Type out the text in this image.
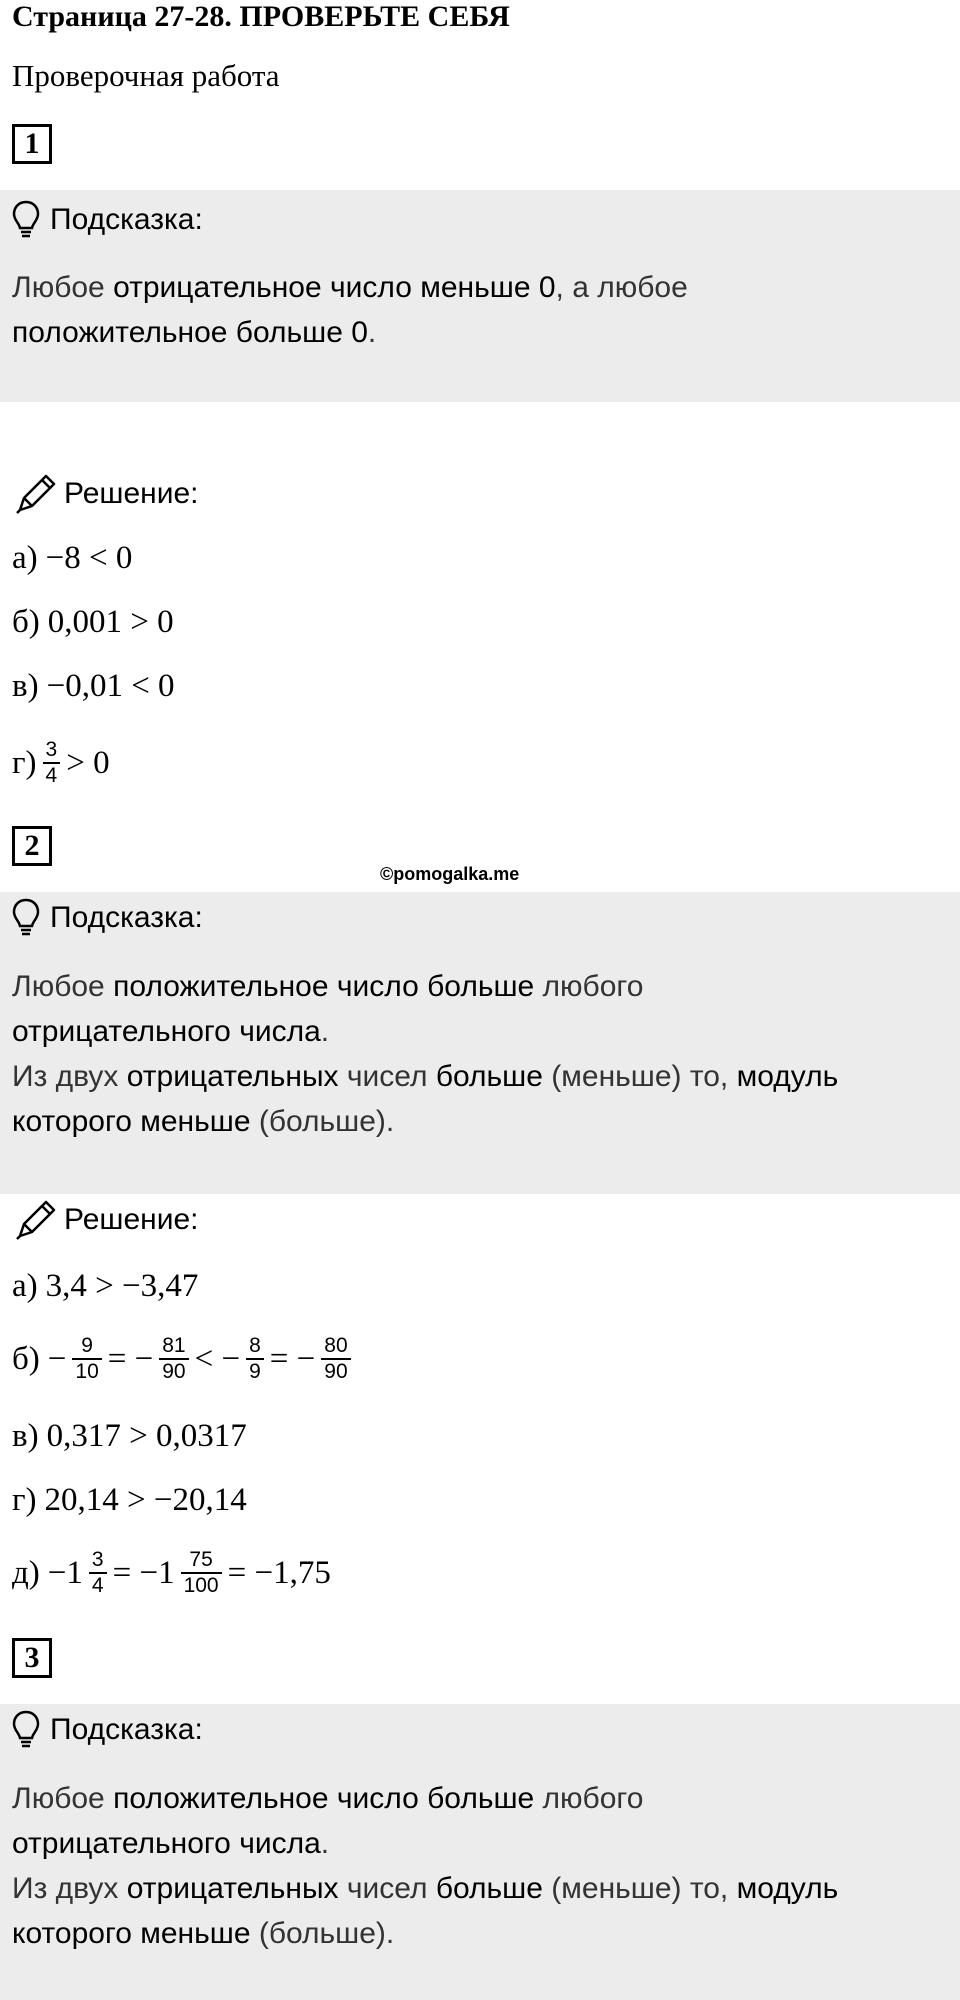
Страница 27-28. ПРОВЕРЬТЕ СЕБЯ
Проверочная работа
1
Подсказка:
Любое отрицательное число меньше 0, а любое
положительное больше 0.
Решение:
а) −8 < 0
б) 0,001 > 0
в) −0,01 < 0
$г) \frac{3}{4} > 0$
2
©pomogalka.me
Подсказка:
Любое положительное число больше любого
отрицательного числа.
Из двух отрицательных чисел больше (меньше) то, модуль которого меньше (больше).
Решение:
а) 3,4 > −3,47
$б) - \frac{9}{10}$ = − $\frac{81}{90}$ < − $\frac{8}{9}$ = − $\frac{80}{90}$
в) 0,317 > 0,0317
г) 20,14 > −20,14
$д) -1 \frac{3}{4} = -1 \frac{75}{100} = -1,75$
3
Подсказка:
Любое положительное число больше любого
отрицательного числа.
Из двух отрицательных чисел больше (меньше) то, модуль которого меньше (больше).
